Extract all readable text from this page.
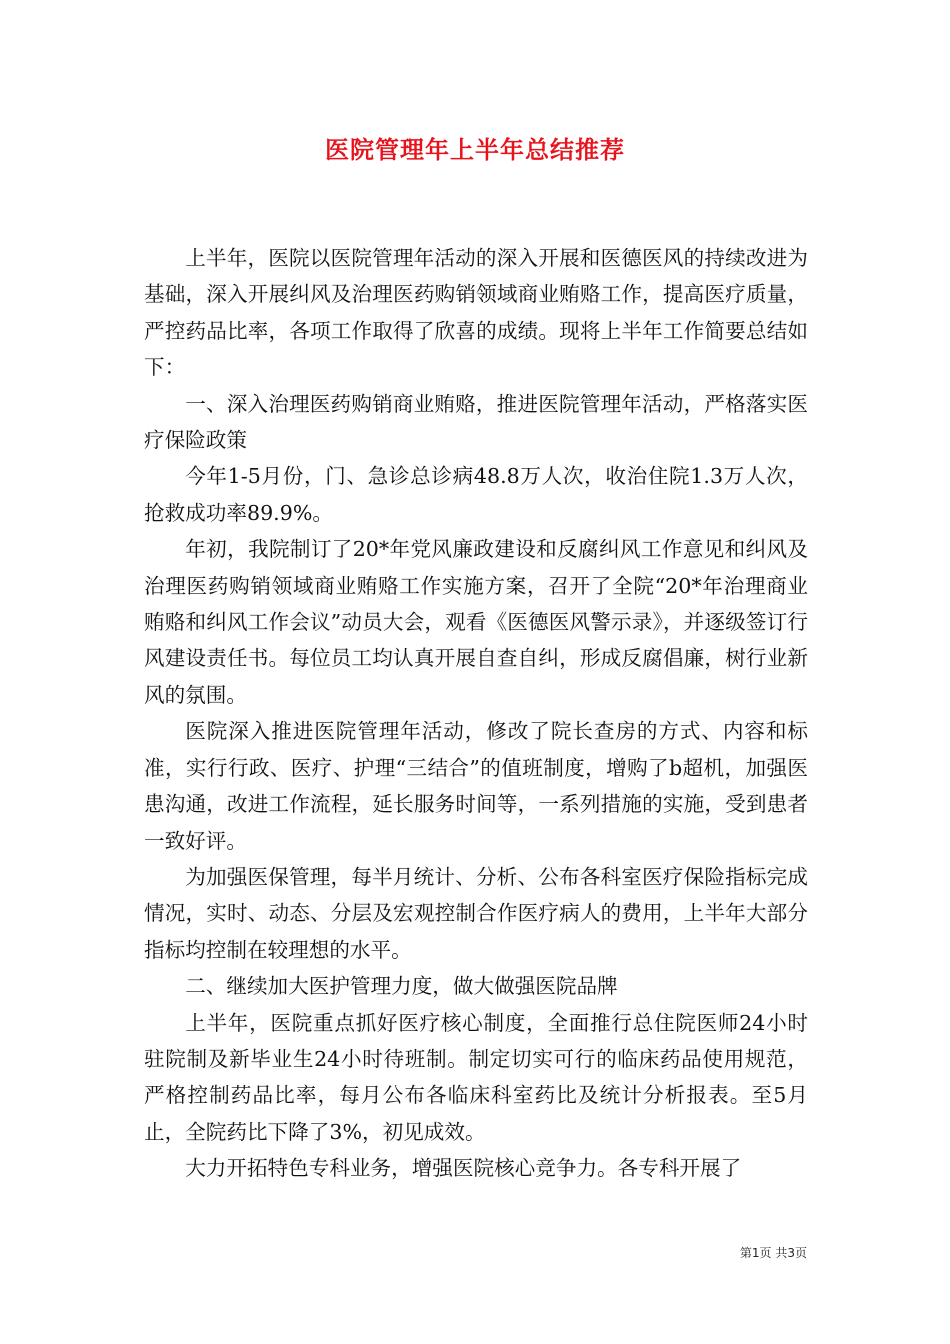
医院管理年上半年总结推荐

上半年，医院以医院管理年活动的深入开展和医德医风的持续改进为基础，深入开展纠风及治理医药购销领域商业贿赂工作，提高医疗质量，严控药品比率，各项工作取得了欣喜的成绩。现将上半年工作简要总结如下：

一、深入治理医药购销商业贿赂，推进医院管理年活动，严格落实医疗保险政策

今年1-5月份，门、急诊总诊病48.8万人次，收治住院1.3万人次，抢救成功率89.9%。

年初，我院制订了20*年党风廉政建设和反腐纠风工作意见和纠风及治理医药购销领域商业贿赂工作实施方案，召开了全院“20*年治理商业贿赂和纠风工作会议”动员大会，观看《医德医风警示录》，并逐级签订行风建设责任书。每位员工均认真开展自查自纠，形成反腐倡廉，树行业新风的氛围。

医院深入推进医院管理年活动，修改了院长查房的方式、内容和标准，实行行政、医疗、护理“三结合”的值班制度，增购了b超机，加强医患沟通，改进工作流程，延长服务时间等，一系列措施的实施，受到患者一致好评。

为加强医保管理，每半月统计、分析、公布各科室医疗保险指标完成情况，实时、动态、分层及宏观控制合作医疗病人的费用，上半年大部分指标均控制在较理想的水平。

二、继续加大医护管理力度，做大做强医院品牌

上半年，医院重点抓好医疗核心制度，全面推行总住院医师24小时驻院制及新毕业生24小时待班制。制定切实可行的临床药品使用规范，严格控制药品比率，每月公布各临床科室药比及统计分析报表。至5月止，全院药比下降了3%，初见成效。

大力开拓特色专科业务，增强医院核心竞争力。各专科开展了

第1页 共3页
